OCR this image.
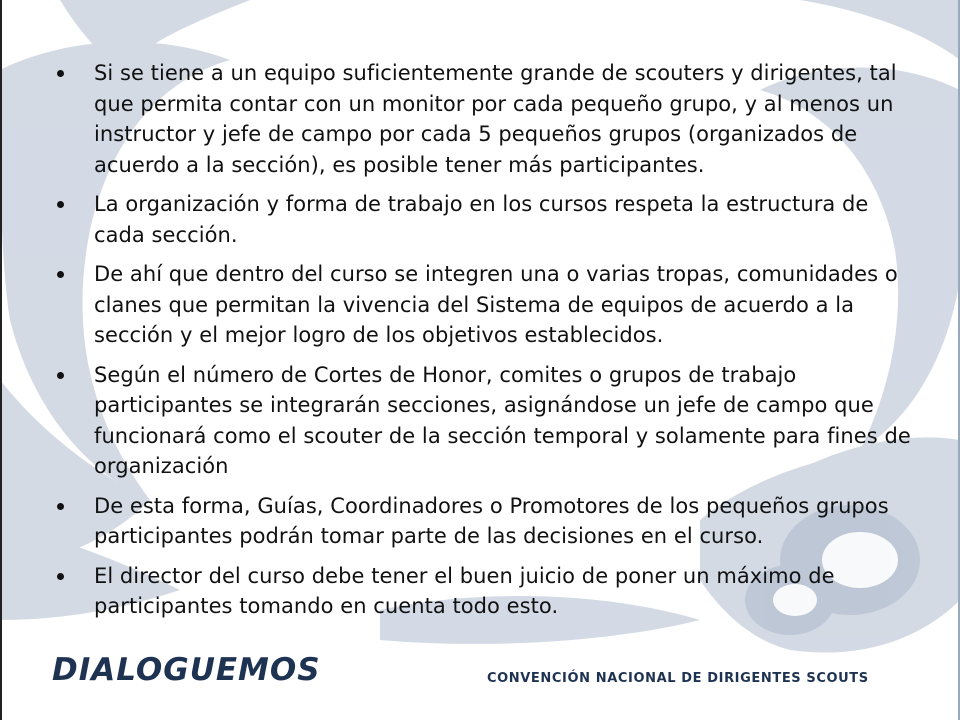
Si se tiene a un equipo suficientemente grande de scouters y dirigentes, tal que permita contar con un monitor por cada pequeño grupo, y al menos un instructor y jefe de campo por cada 5 pequeños grupos (organizados de acuerdo a la sección), es posible tener más participantes.
La organización y forma de trabajo en los cursos respeta la estructura de cada sección.
De ahí que dentro del curso se integren una o varias tropas, comunidades o clanes que permitan la vivencia del Sistema de equipos de acuerdo a la sección y el mejor logro de los objetivos establecidos.
Según el número de Cortes de Honor, comites o grupos de trabajo participantes se integrarán secciones, asignándose un jefe de campo que funcionará como el scouter de la sección temporal y solamente para fines de organización
De esta forma, Guías, Coordinadores o Promotores de los pequeños grupos participantes podrán tomar parte de las decisiones en el curso.
El director del curso debe tener el buen juicio de poner un máximo de participantes tomando en cuenta todo esto.
DIALOGUEMOS	CONVENCIÓN NACIONAL DE DIRIGENTES SCOUTS
